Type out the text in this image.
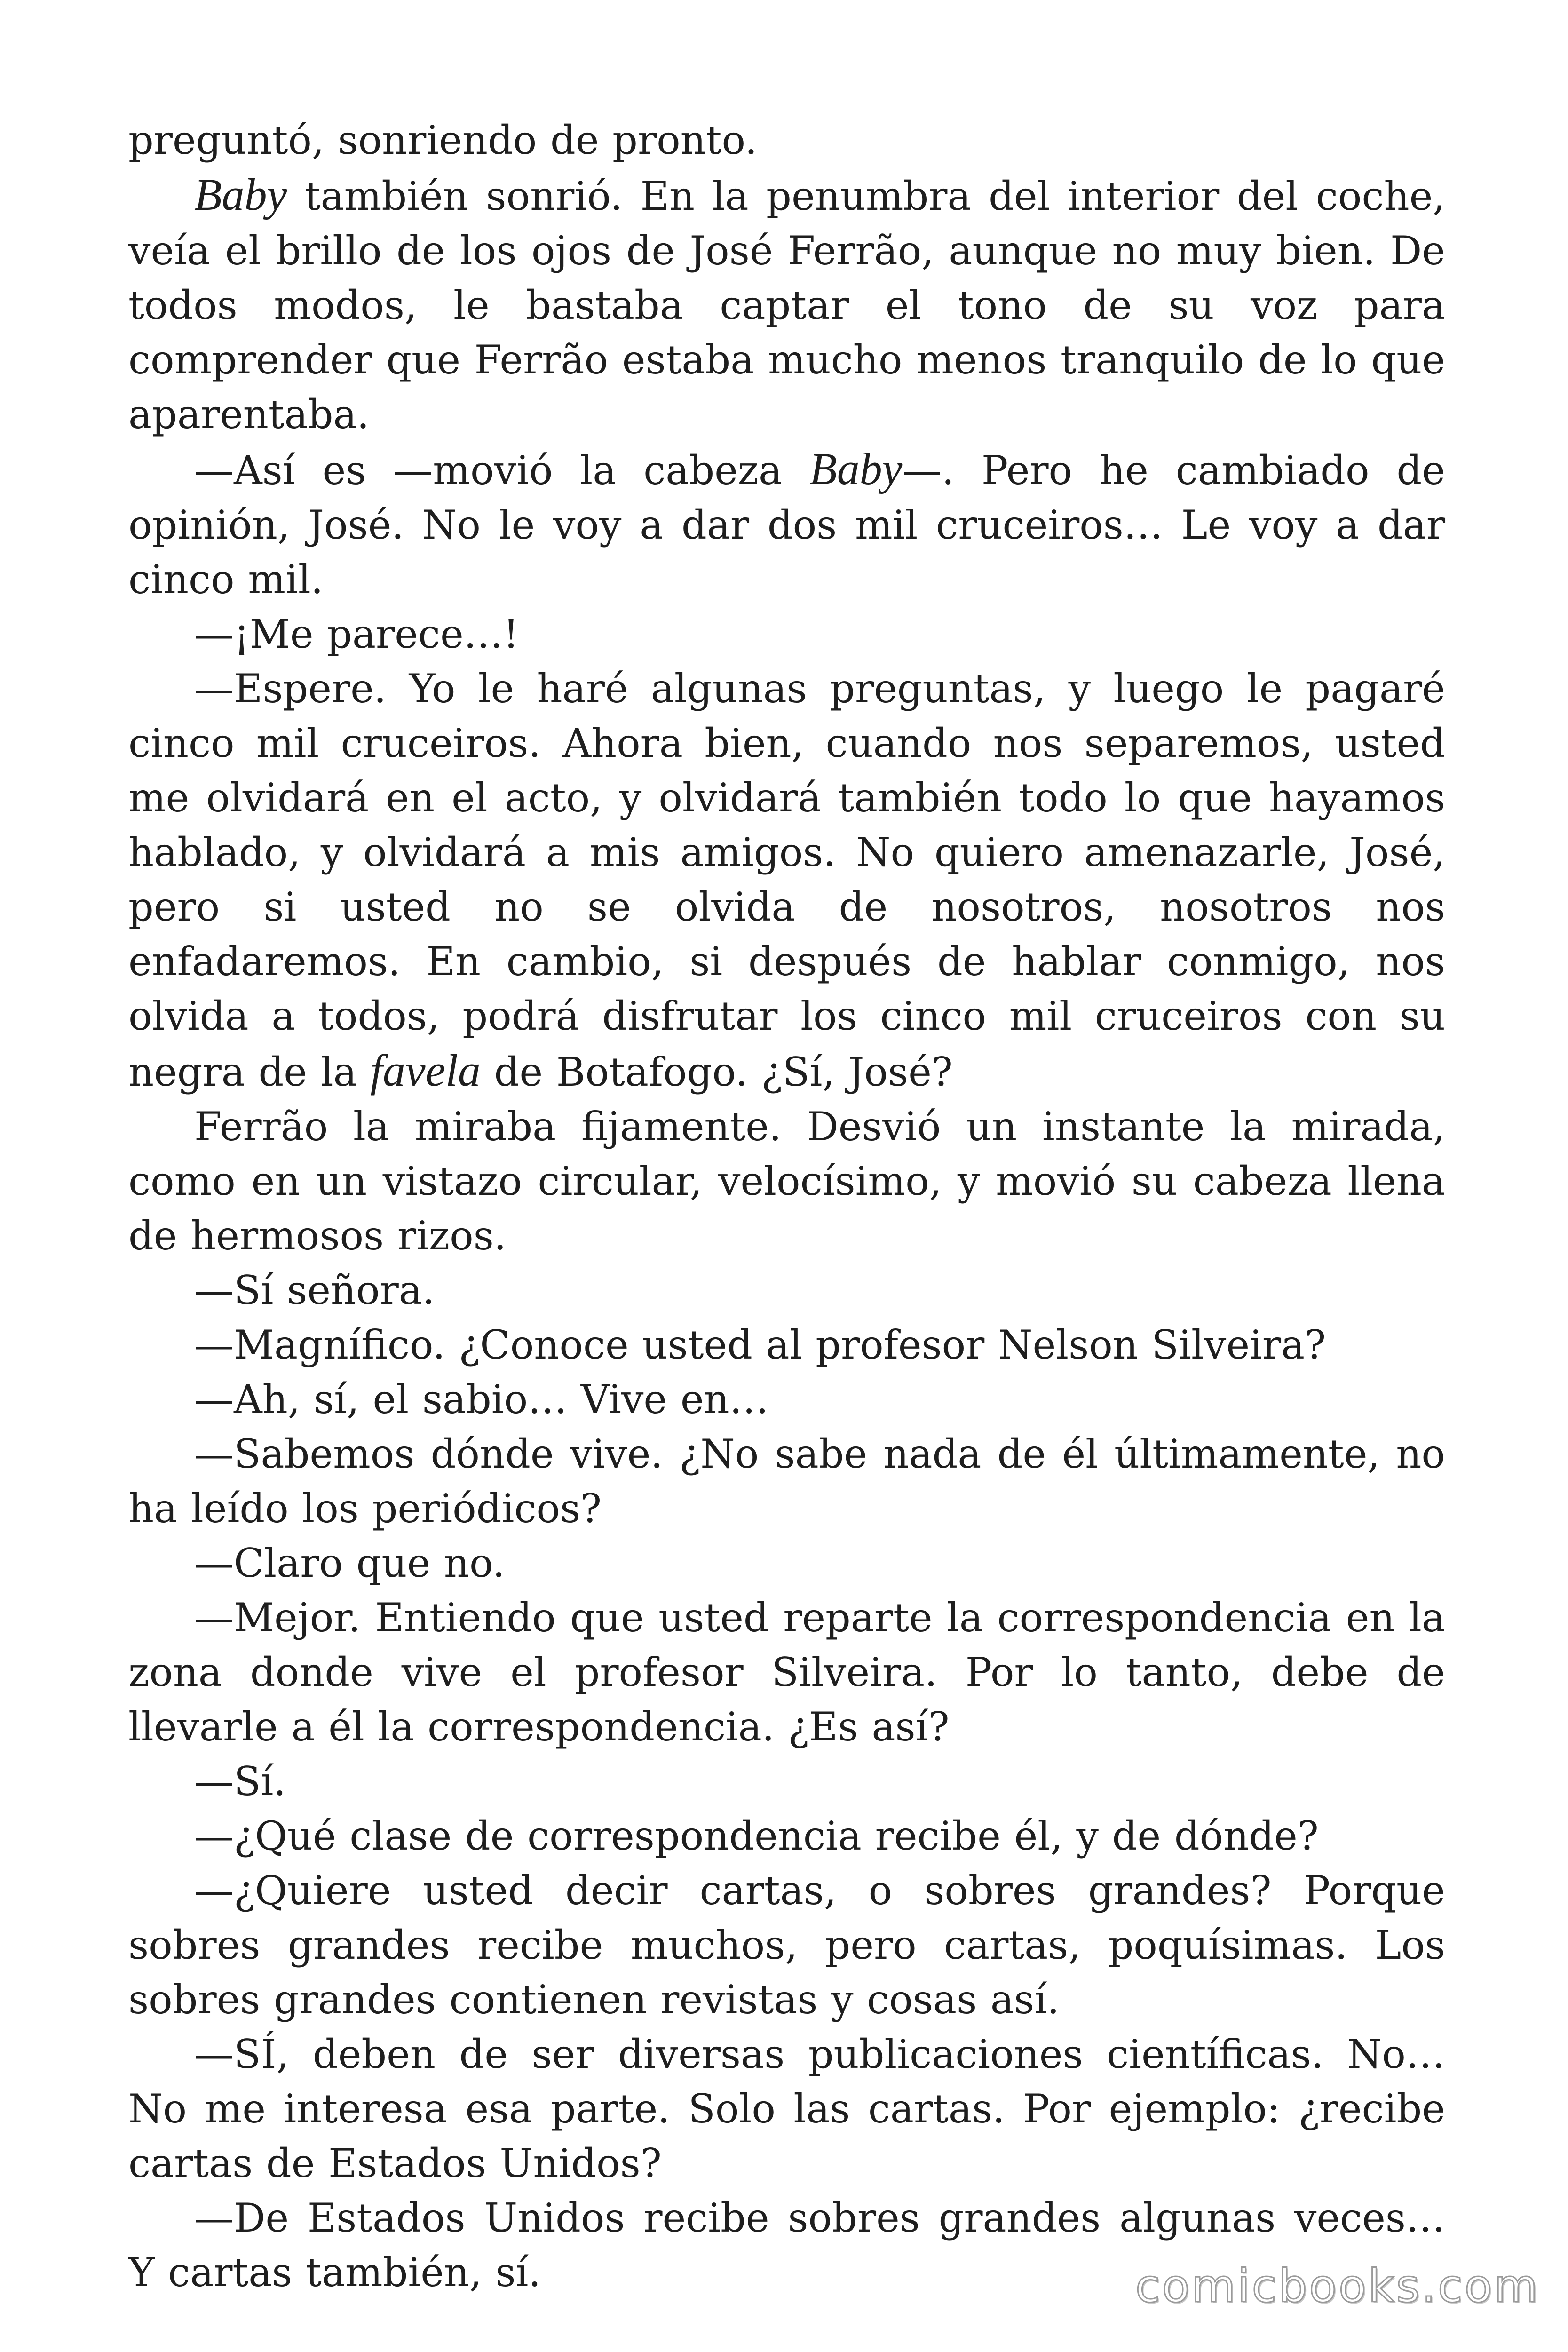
preguntó, sonriendo de pronto.

Baby también sonrió. En la penumbra del interior del coche, veía el brillo de los ojos de José Ferrão, aunque no muy bien. De todos modos, le bastaba captar el tono de su voz para comprender que Ferrão estaba mucho menos tranquilo de lo que aparentaba.

—Así es —movió la cabeza Baby—. Pero he cambiado de opinión, José. No le voy a dar dos mil cruceiros… Le voy a dar cinco mil.

—¡Me parece…!

—Espere. Yo le haré algunas preguntas, y luego le pagaré cinco mil cruceiros. Ahora bien, cuando nos separemos, usted me olvidará en el acto, y olvidará también todo lo que hayamos hablado, y olvidará a mis amigos. No quiero amenazarle, José, pero si usted no se olvida de nosotros, nosotros nos enfadaremos. En cambio, si después de hablar conmigo, nos olvida a todos, podrá disfrutar los cinco mil cruceiros con su negra de la favela de Botafogo. ¿Sí, José?

Ferrão la miraba fijamente. Desvió un instante la mirada, como en un vistazo circular, velocísimo, y movió su cabeza llena de hermosos rizos.

—Sí señora.

—Magnífico. ¿Conoce usted al profesor Nelson Silveira?

—Ah, sí, el sabio… Vive en…

—Sabemos dónde vive. ¿No sabe nada de él últimamente, no ha leído los periódicos?

—Claro que no.

—Mejor. Entiendo que usted reparte la correspondencia en la zona donde vive el profesor Silveira. Por lo tanto, debe de llevarle a él la correspondencia. ¿Es así?

—Sí.

—¿Qué clase de correspondencia recibe él, y de dónde?

—¿Quiere usted decir cartas, o sobres grandes? Porque sobres grandes recibe muchos, pero cartas, poquísimas. Los sobres grandes contienen revistas y cosas así.

—SÍ, deben de ser diversas publicaciones científicas. No… No me interesa esa parte. Solo las cartas. Por ejemplo: ¿recibe cartas de Estados Unidos?

—De Estados Unidos recibe sobres grandes algunas veces… Y cartas también, sí.	comicbooks.com
